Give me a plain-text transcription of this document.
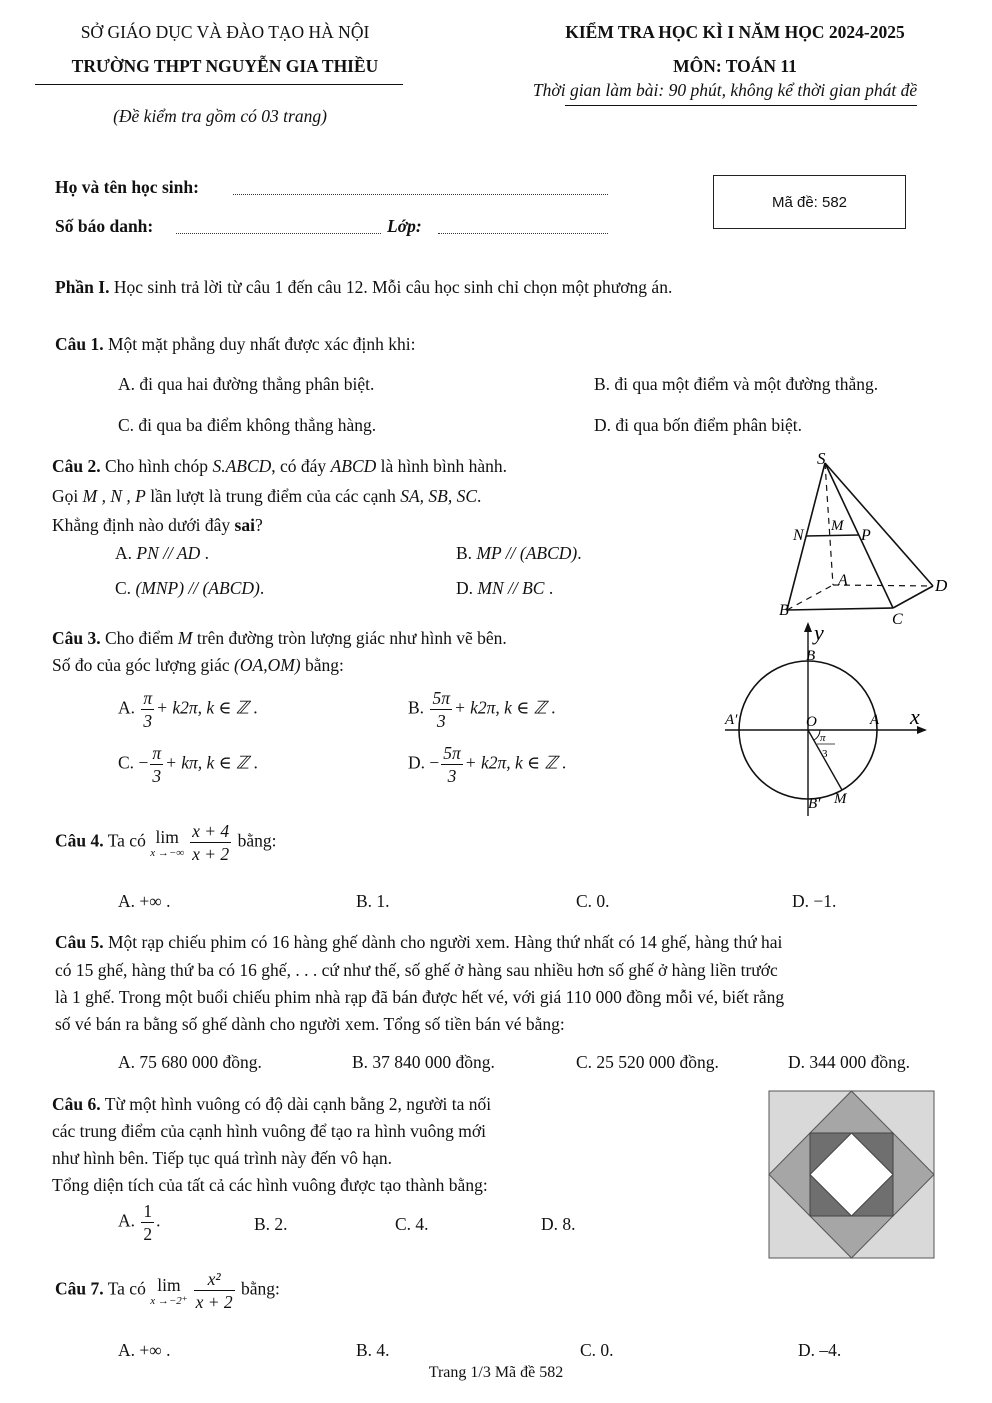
SỞ GIÁO DỤC VÀ ĐÀO TẠO HÀ NỘI
TRƯỜNG THPT NGUYỄN GIA THIỀU
(Đề kiểm tra gồm có 03 trang)
KIỂM TRA HỌC KÌ I NĂM HỌC 2024-2025
MÔN: TOÁN 11
Thời gian làm bài: 90 phút, không kể thời gian phát đề
Họ và tên học sinh:
Số báo danh:	Lớp:
Mã đề: 582
Phần I. Học sinh trả lời từ câu 1 đến câu 12. Mỗi câu học sinh chỉ chọn một phương án.
Câu 1. Một mặt phẳng duy nhất được xác định khi:
A. đi qua hai đường thẳng phân biệt.	B. đi qua một điểm và một đường thẳng.
C. đi qua ba điểm không thẳng hàng.	D. đi qua bốn điểm phân biệt.
Câu 2. Cho hình chóp S.ABCD, có đáy ABCD là hình bình hành.
Gọi M , N , P lần lượt là trung điểm của các cạnh SA, SB, SC.
Khẳng định nào dưới đây sai?
A. PN // AD .	B. MP // (ABCD).
C. (MNP) // (ABCD).	D. MN // BC .
S
N
M
P
A	D
B
C
Câu 3. Cho điểm M trên đường tròn lượng giác như hình vẽ bên.
Số đo của góc lượng giác (OA,OM) bằng:
A. $\frac{\pi}{3} + k2\pi$, k ∈ ℤ .	B. $\frac{5\pi}{3} + k2\pi$, k ∈ ℤ .
C. − $\frac{\pi}{3} + k\pi$, k ∈ ℤ .	D. − $\frac{5\pi}{3} + k2\pi$, k ∈ ℤ .
y
x
B
A′	O	A
B′ M
π
3
Câu 4. Ta có lim
x →−∞ $\frac{x + 4}{x + 2}$ bằng:
A. +∞ .	B. 1.	C. 0.	D. −1.
Câu 5. Một rạp chiếu phim có 16 hàng ghế dành cho người xem. Hàng thứ nhất có 14 ghế, hàng thứ hai
có 15 ghế, hàng thứ ba có 16 ghế, . . . cứ như thế, số ghế ở hàng sau nhiều hơn số ghế ở hàng liền trước
là 1 ghế. Trong một buổi chiếu phim nhà rạp đã bán được hết vé, với giá 110 000 đồng mỗi vé, biết rằng
số vé bán ra bằng số ghế dành cho người xem. Tổng số tiền bán vé bằng:
A. 75 680 000 đồng.	B. 37 840 000 đồng.	C. 25 520 000 đồng.	D. 344 000 đồng.
Câu 6. Từ một hình vuông có độ dài cạnh bằng 2, người ta nối
các trung điểm của cạnh hình vuông để tạo ra hình vuông mới
như hình bên. Tiếp tục quá trình này đến vô hạn.
Tổng diện tích của tất cả các hình vuông được tạo thành bằng:
A. $\frac{1}{2}$ .	B. 2.	C. 4.	D. 8.
Câu 7. Ta có lim
$x \to-2^+ \frac{\text{x²}}{x + 2}$ bằng:
A. +∞ .	B. 4.	C. 0.	D. –4.
Trang 1/3 Mã đề 582
